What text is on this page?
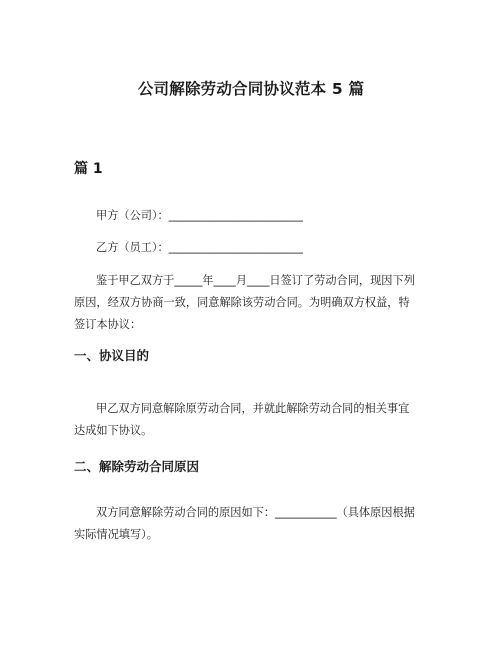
公司解除劳动合同协议范本 5 篇
篇 1
甲方（公司）：________________________
乙方（员工）：________________________
鉴于甲乙双方于_____年____月____日签订了劳动合同，现因下列
原因，经双方协商一致，同意解除该劳动合同。为明确双方权益，特
签订本协议：
一、协议目的
甲乙双方同意解除原劳动合同，并就此解除劳动合同的相关事宜
达成如下协议。
二、解除劳动合同原因
双方同意解除劳动合同的原因如下：___________（具体原因根据
实际情况填写）。
